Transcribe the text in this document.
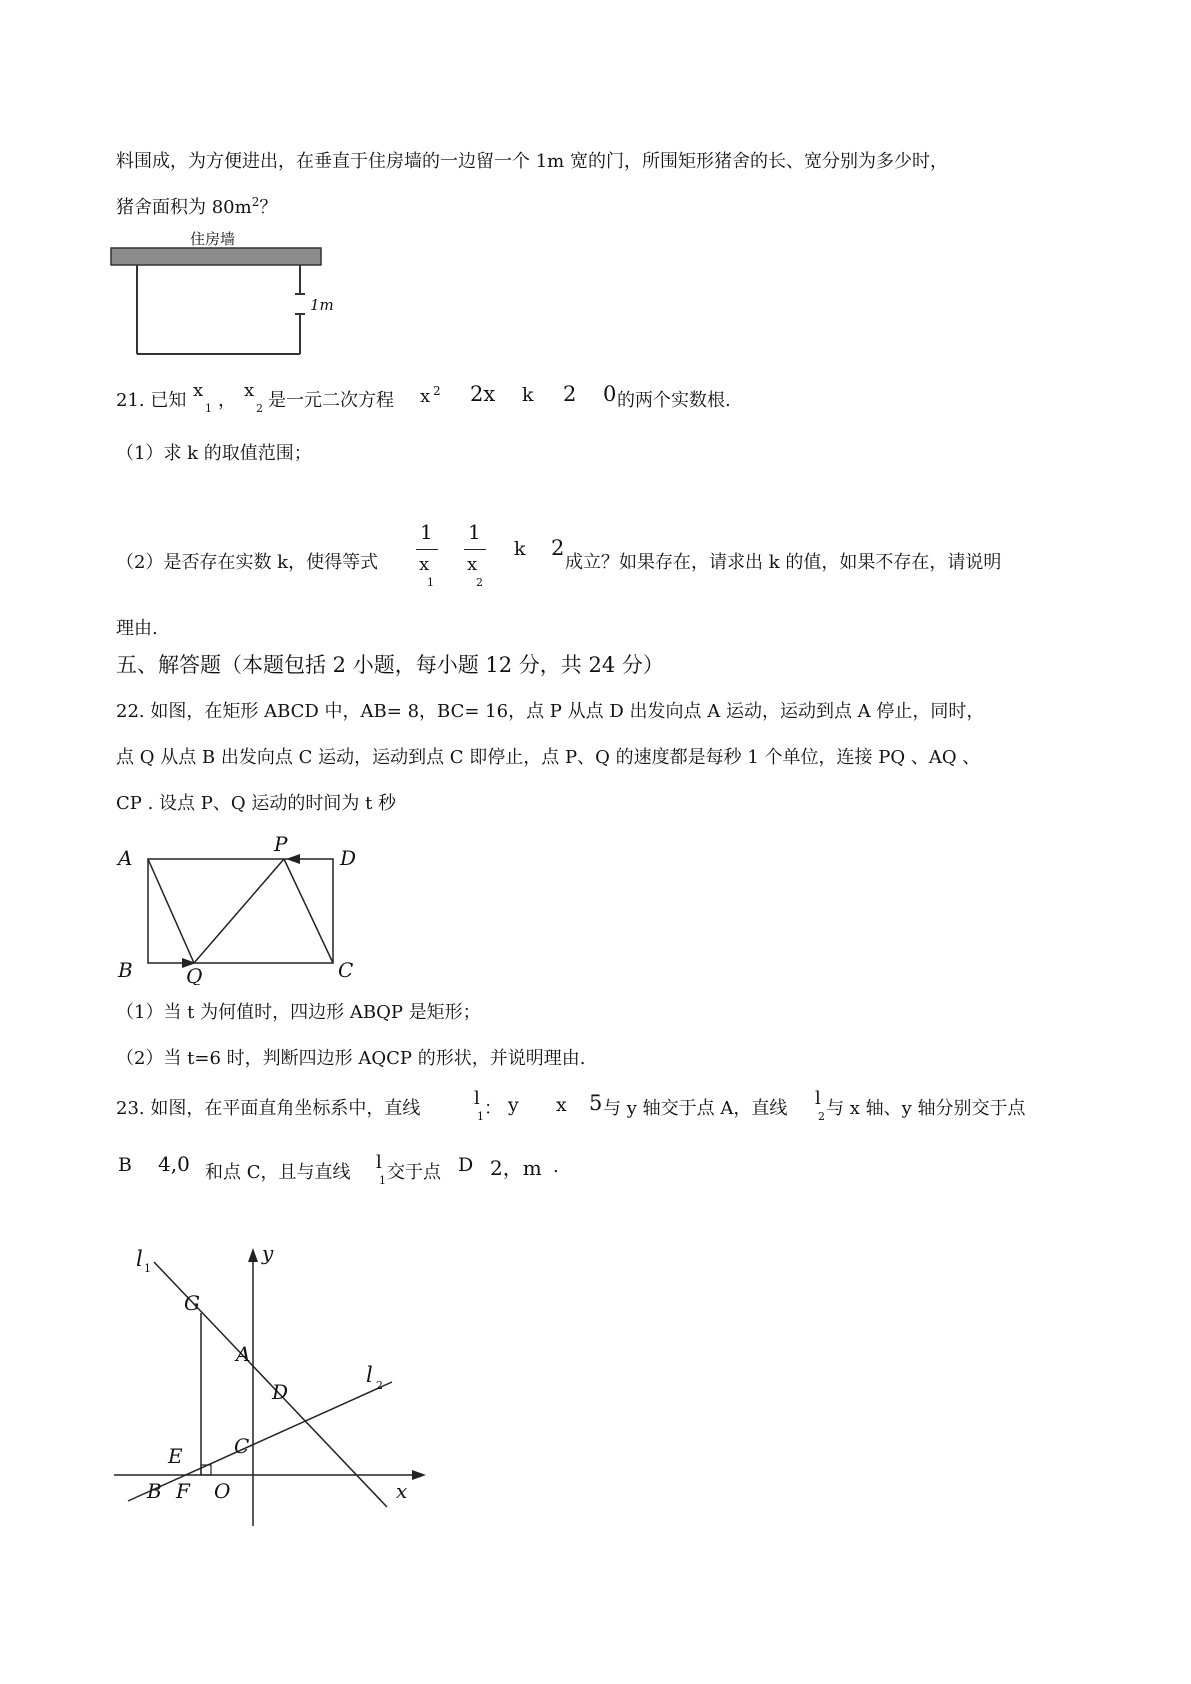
料围成，为方便进出，在垂直于住房墙的一边留一个 1m 宽的门，所围矩形猪舍的长、宽分别为多少时，
猪舍面积为 $80m^2$？
住房墙
1m
21. 已知 x
1 ， x
2 是一元二次方程 x 2 2x k 2 0 的两个实数根.
（1）求 k 的取值范围；
（2）是否存在实数 k，使得等式
1
x
1
1
x
2
k 2
成立？如果存在，请求出 k 的值，如果不存在，请说明
理由.
五、解答题（本题包括 2 小题，每小题 12 分，共 24 分）
22. 如图，在矩形 ABCD 中，AB= 8，BC= 16，点 P 从点 D 出发向点 A 运动，运动到点 A 停止，同时，
点 Q 从点 B 出发向点 C 运动，运动到点 C 即停止，点 P、Q 的速度都是每秒 1 个单位，连接 PQ 、AQ 、
CP . 设点 P、Q 运动的时间为 t 秒
A
P
D
B	Q	C
（1）当 t 为何值时，四边形 ABQP 是矩形；
（2）当 t=6 时，判断四边形 AQCP 的形状，并说明理由.
23. 如图，在平面直角坐标系中，直线	l
1 ： y x 5 与 y 轴交于点 A，直线 l
2 与 x 轴、y 轴分别交于点
B 4,0 和点 C，且与直线 l
1 交于点 D 2，m .
l 1
y
G
A
l 2
D
E	C
B F O	x
